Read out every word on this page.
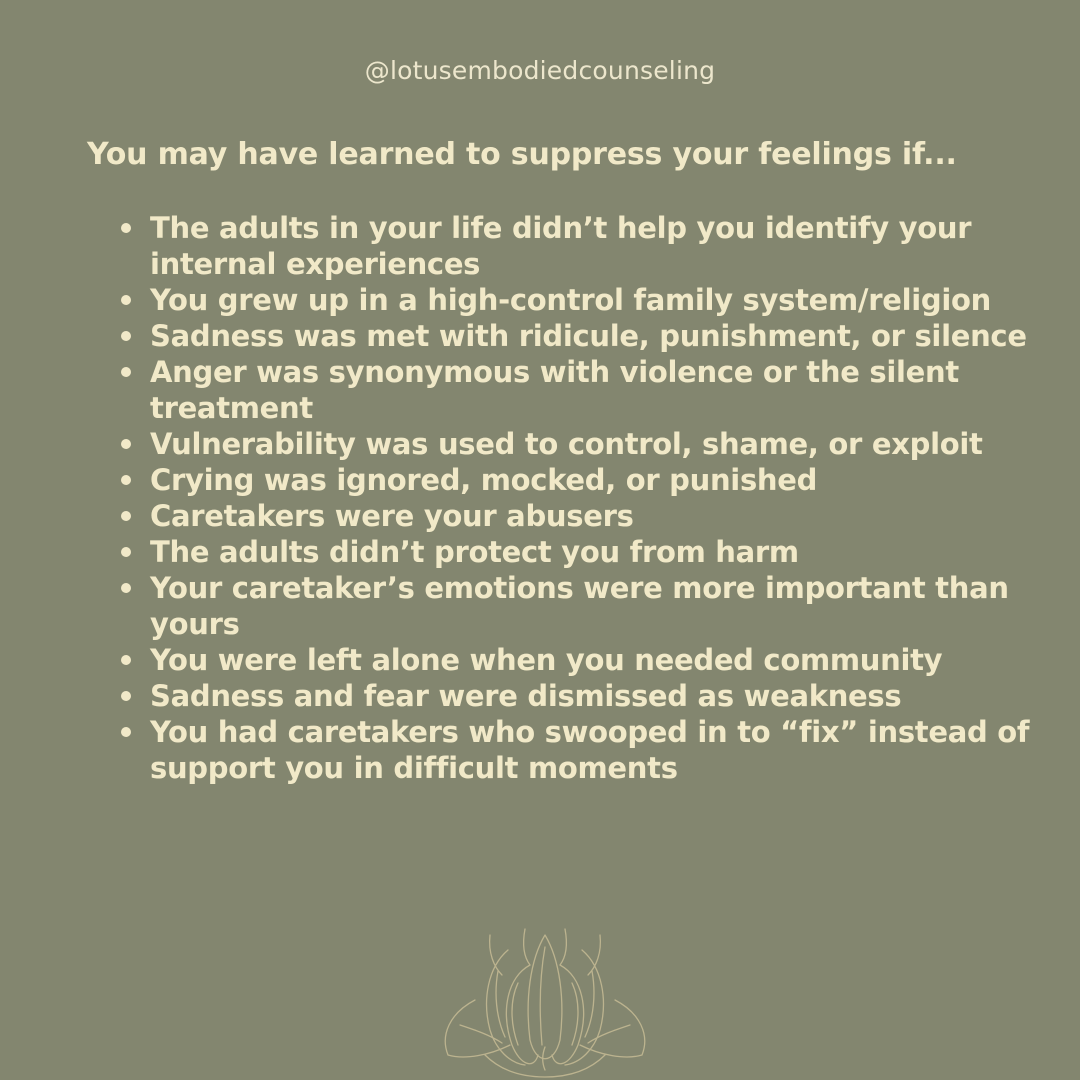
@lotusembodiedcounseling
You may have learned to suppress your feelings if...
The adults in your life didn’t help you identify your internal experiences
You grew up in a high-control family system/religion
Sadness was met with ridicule, punishment, or silence
Anger was synonymous with violence or the silent treatment
Vulnerability was used to control, shame, or exploit
Crying was ignored, mocked, or punished
Caretakers were your abusers
The adults didn’t protect you from harm
Your caretaker’s emotions were more important than yours
You were left alone when you needed community
Sadness and fear were dismissed as weakness
You had caretakers who swooped in to “fix” instead of support you in difficult moments
